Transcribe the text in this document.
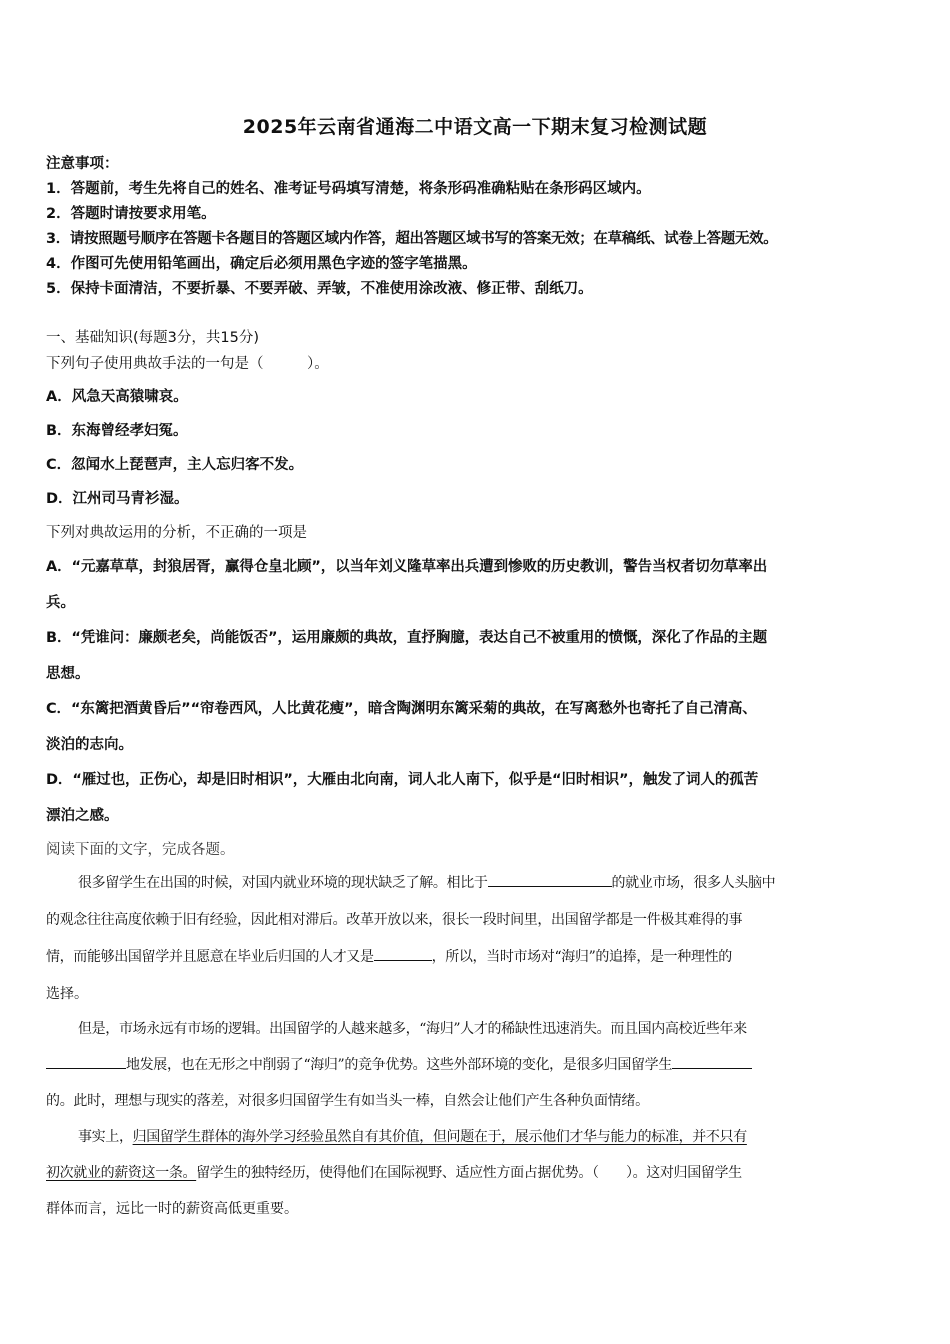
2025年云南省通海二中语文高一下期末复习检测试题
注意事项：
1．答题前，考生先将自己的姓名、准考证号码填写清楚，将条形码准确粘贴在条形码区域内。
2．答题时请按要求用笔。
3．请按照题号顺序在答题卡各题目的答题区域内作答，超出答题区域书写的答案无效；在草稿纸、试卷上答题无效。
4．作图可先使用铅笔画出，确定后必须用黑色字迹的签字笔描黑。
5．保持卡面清洁，不要折暴、不要弄破、弄皱，不准使用涂改液、修正带、刮纸刀。
一、基础知识(每题3分，共15分)
下列句子使用典故手法的一句是（　　　）。
A．风急天高猿啸哀。
B．东海曾经孝妇冤。
C．忽闻水上琵琶声，主人忘归客不发。
D．江州司马青衫湿。
下列对典故运用的分析，不正确的一项是
A．“元嘉草草，封狼居胥，赢得仓皇北顾”，以当年刘义隆草率出兵遭到惨败的历史教训，警告当权者切勿草率出
兵。
B．“凭谁问：廉颇老矣，尚能饭否”，运用廉颇的典故，直抒胸臆，表达自己不被重用的愤慨，深化了作品的主题
思想。
C．“东篱把酒黄昏后”“帘卷西风，人比黄花瘦”，暗含陶渊明东篱采菊的典故，在写离愁外也寄托了自己清高、
淡泊的志向。
D．“雁过也，正伤心，却是旧时相识”，大雁由北向南，词人北人南下，似乎是“旧时相识”，触发了词人的孤苦
漂泊之感。
阅读下面的文字，完成各题。
很多留学生在出国的时候，对国内就业环境的现状缺乏了解。相比于	的就业市场，很多人头脑中
的观念往往高度依赖于旧有经验，因此相对滞后。改革开放以来，很长一段时间里，出国留学都是一件极其难得的事
情，而能够出国留学并且愿意在毕业后归国的人才又是	，所以，当时市场对“海归”的追捧，是一种理性的
选择。
但是，市场永远有市场的逻辑。出国留学的人越来越多，“海归”人才的稀缺性迅速消失。而且国内高校近些年来
地发展，也在无形之中削弱了“海归”的竞争优势。这些外部环境的变化，是很多归国留学生
的。此时，理想与现实的落差，对很多归国留学生有如当头一棒，自然会让他们产生各种负面情绪。
事实上，归国留学生群体的海外学习经验虽然自有其价值，但问题在于，展示他们才华与能力的标准，并不只有
初次就业的薪资这一条。留学生的独特经历，使得他们在国际视野、适应性方面占据优势。（　　）。这对归国留学生
群体而言，远比一时的薪资高低更重要。
